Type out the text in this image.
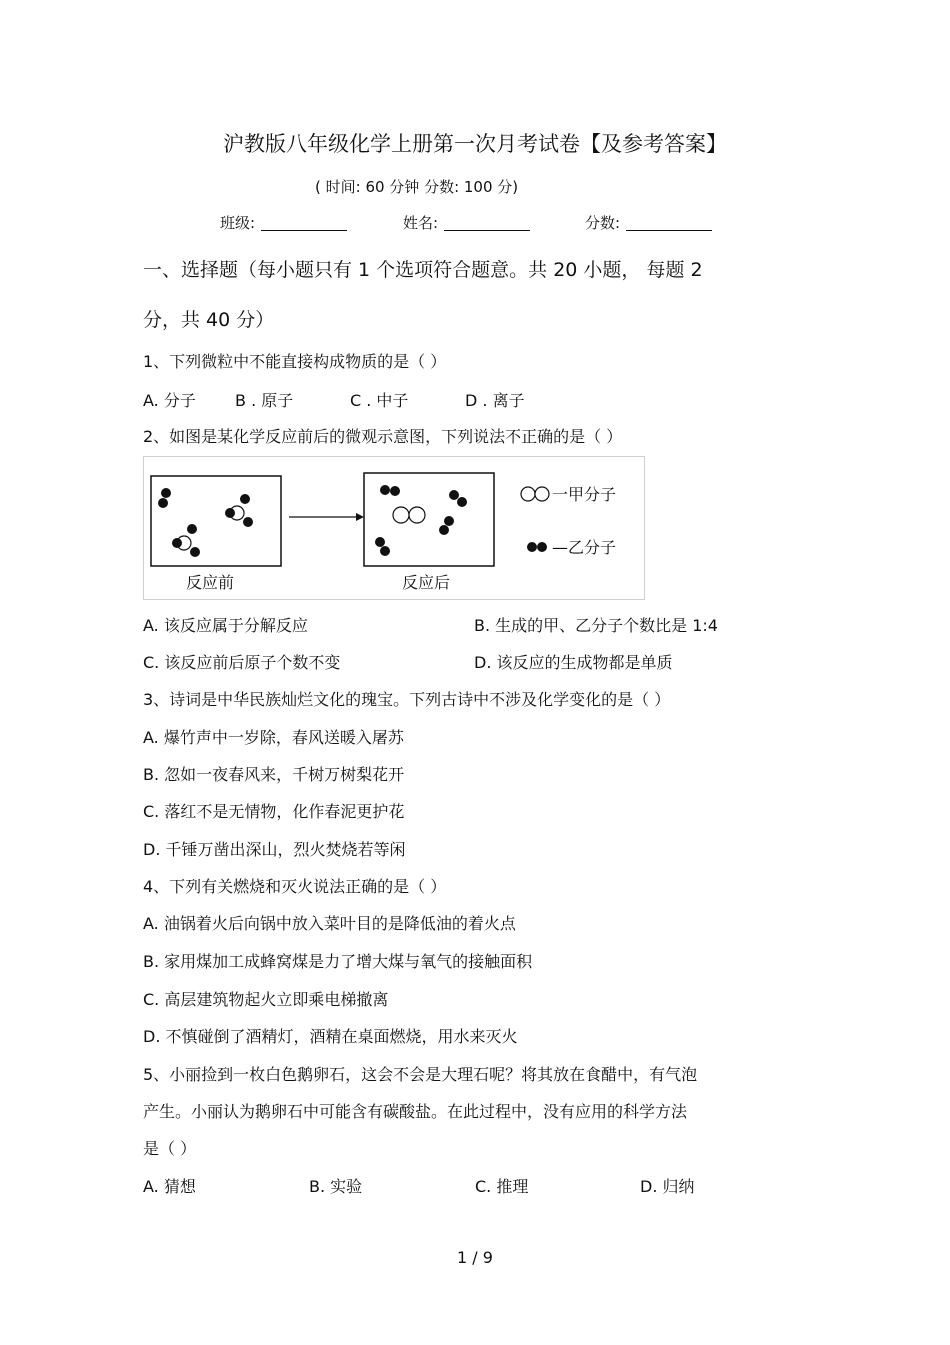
沪教版八年级化学上册第一次月考试卷【及参考答案】
( 时间: 60 分钟 分数: 100 分)
班级:	姓名:	分数:
一、选择题（每小题只有 1 个选项符合题意。共 20 小题， 每题 2
分，共 40 分）
1、下列微粒中不能直接构成物质的是（ ）
A. 分子 B . 原子	C . 中子	D . 离子
2、如图是某化学反应前后的微观示意图，下列说法不正确的是（ ）
反应前	反应后
一甲分子
—乙分子
A. 该反应属于分解反应	B. 生成的甲、乙分子个数比是 1:4
C. 该反应前后原子个数不变	D. 该反应的生成物都是单质
3、诗词是中华民族灿烂文化的瑰宝。下列古诗中不涉及化学变化的是（ ）
A. 爆竹声中一岁除，春风送暖入屠苏
B. 忽如一夜春风来，千树万树梨花开
C. 落红不是无情物，化作春泥更护花
D. 千锤万凿出深山，烈火焚烧若等闲
4、下列有关燃烧和灭火说法正确的是（ ）
A. 油锅着火后向锅中放入菜叶目的是降低油的着火点
B. 家用煤加工成蜂窝煤是力了增大煤与氧气的接触面积
C. 高层建筑物起火立即乘电梯撤离
D. 不慎碰倒了酒精灯，酒精在桌面燃烧，用水来灭火
5、小丽捡到一枚白色鹅卵石，这会不会是大理石呢？将其放在食醋中，有气泡
产生。小丽认为鹅卵石中可能含有碳酸盐。在此过程中，没有应用的科学方法
是（ ）
A. 猜想	B. 实验	C. 推理	D. 归纳
1 / 9
